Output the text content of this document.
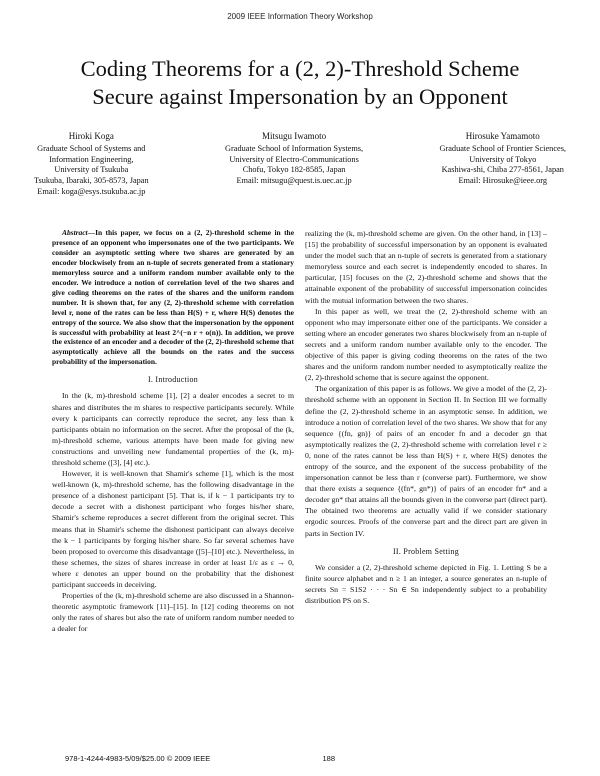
2009 IEEE Information Theory Workshop
Coding Theorems for a (2, 2)-Threshold Scheme
Secure against Impersonation by an Opponent
Hiroki Koga
Graduate School of Systems and
Information Engineering,
University of Tsukuba
Tsukuba, Ibaraki, 305-8573, Japan
Email: koga@esys.tsukuba.ac.jp
Mitsugu Iwamoto
Graduate School of Information Systems,
University of Electro-Communications
Chofu, Tokyo 182-8585, Japan
Email: mitsugu@quest.is.uec.ac.jp
Hirosuke Yamamoto
Graduate School of Frontier Sciences,
University of Tokyo
Kashiwa-shi, Chiba 277-8561, Japan
Email: Hirosuke@ieee.org

Abstract—In this paper, we focus on a (2, 2)-threshold scheme in the presence of an opponent who impersonates one of the two participants. We consider an asymptotic setting where two shares are generated by an encoder blockwisely from an n-tuple of secrets generated from a stationary memoryless source and a uniform random number available only to the encoder. We introduce a notion of correlation level of the two shares and give coding theorems on the rates of the shares and the uniform random number. It is shown that, for any (2, 2)-threshold scheme with correlation level r, none of the rates can be less than H(S) + r, where H(S) denotes the entropy of the source. We also show that the impersonation by the opponent is successful with probability at least 2^(−n r + o(n)). In addition, we prove the existence of an encoder and a decoder of the (2, 2)-threshold scheme that asymptotically achieve all the bounds on the rates and the success probability of the impersonation.

I. Introduction

In the (k, m)-threshold scheme [1], [2] a dealer encodes a secret to m shares and distributes the m shares to respective participants securely. While every k participants can correctly reproduce the secret, any less than k participants obtain no information on the secret. After the proposal of the (k, m)-threshold scheme, various attempts have been made for giving new constructions and unveiling new fundamental properties of the (k, m)-threshold scheme ([3], [4] etc.).

However, it is well-known that Shamir's scheme [1], which is the most well-known (k, m)-threshold scheme, has the following disadvantage in the presence of a dishonest participant [5]. That is, if k − 1 participants try to decode a secret with a dishonest participant who forges his/her share, Shamir's scheme reproduces a secret different from the original secret. This means that in Shamir's scheme the dishonest participant can always deceive the k − 1 participants by forging his/her share. So far several schemes have been proposed to overcome this disadvantage ([5]–[10] etc.). Nevertheless, in these schemes, the sizes of shares increase in order at least 1/ε as ε → 0, where ε denotes an upper bound on the probability that the dishonest participant succeeds in deceiving.

Properties of the (k, m)-threshold scheme are also discussed in a Shannon-theoretic asymptotic framework [11]–[15]. In [12] coding theorems on not only the rates of shares but also the rate of uniform random number needed to a dealer for

realizing the (k, m)-threshold scheme are given. On the other hand, in [13] – [15] the probability of successful impersonation by an opponent is evaluated under the model such that an n-tuple of secrets is generated from a stationary memoryless source and each secret is independently encoded to shares. In particular, [15] focuses on the (2, 2)-threshold scheme and shows that the attainable exponent of the probability of successful impersonation coincides with the mutual information between the two shares.

In this paper as well, we treat the (2, 2)-threshold scheme with an opponent who may impersonate either one of the participants. We consider a setting where an encoder generates two shares blockwisely from an n-tuple of secrets and a uniform random number available only to the encoder. The objective of this paper is giving coding theorems on the rates of the two shares and the uniform random number needed to asymptotically realize the (2, 2)-threshold scheme that is secure against the opponent.

The organization of this paper is as follows. We give a model of the (2, 2)-threshold scheme with an opponent in Section II. In Section III we formally define the (2, 2)-threshold scheme in an asymptotic sense. In addition, we introduce a notion of correlation level of the two shares. We show that for any sequence {(fn, gn)} of pairs of an encoder fn and a decoder gn that asymptotically realizes the (2, 2)-threshold scheme with correlation level r ≥ 0, none of the rates cannot be less than H(S) + r, where H(S) denotes the entropy of the source, and the exponent of the success probability of the impersonation cannot be less than r (converse part). Furthermore, we show that there exists a sequence {(fn*, gn*)} of pairs of an encoder fn* and a decoder gn* that attains all the bounds given in the converse part (direct part). The obtained two theorems are actually valid if we consider stationary ergodic sources. Proofs of the converse part and the direct part are given in parts in Section IV.

II. Problem Setting

We consider a (2, 2)-threshold scheme depicted in Fig. 1. Letting S be a finite source alphabet and n ≥ 1 an integer, a source generates an n-tuple of secrets Sn = S1S2 · · · Sn ∈ Sn independently subject to a probability distribution PS on S.

978-1-4244-4983-5/09/$25.00 © 2009 IEEE	188
